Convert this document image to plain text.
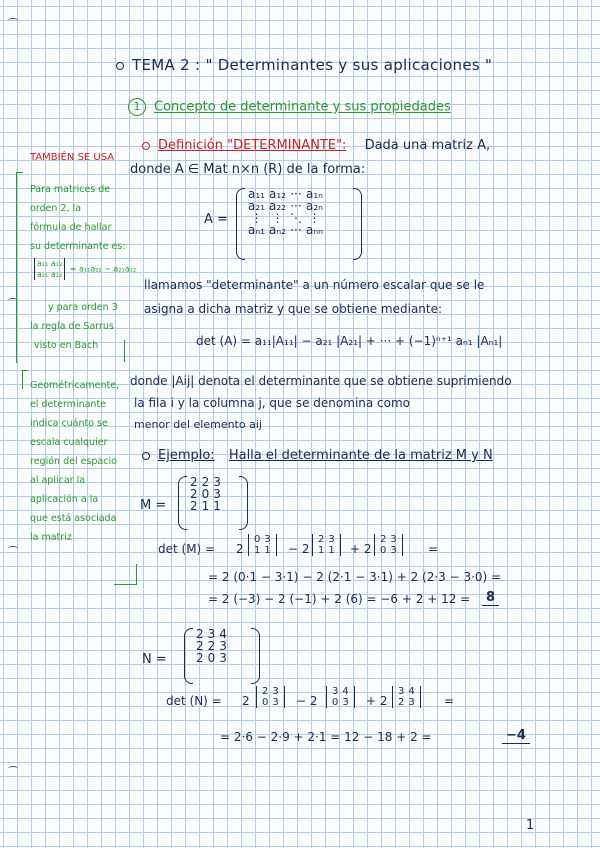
TEMA 2 : " Determinantes y sus aplicaciones "
1 Concepto de determinante y sus propiedades
Definición "DETERMINANTE": Dada una matriz A,
donde A ∈ Mat n×n (R) de la forma:
A =
a₁₁	a₁₂	···	a₁ₙ
a₂₁	a₂₂	···	a₂ₙ
⋮	⋮	⋱	⋮
aₙ₁	aₙ₂	···	aₙₙ
TAMBIÉN SE USA
Para matrices de
orden 2, la
fórmula de hallar
su determinante es:
a₁₁ a₁₂
a₂₁ a₂₂
= a₁₁a₂₂ − a₂₁a₁₂
y para orden 3
la regla de Sarrus
visto en Bach
llamamos "determinante" a un número escalar que se le
asigna a dicha matriz y que se obtiene mediante:
det (A) = a₁₁|A₁₁| − a₂₁ |A₂₁| + ··· + (−1)ⁿ⁺¹ aₙ₁ |Aₙ₁|
donde |Aij| denota el determinante que se obtiene suprimiendo
la fila i y la columna j, que se denomina como
menor del elemento aij
Geométricamente,
el determinante
indica cuánto se
escala cualquier
región del espacio
al aplicar la
aplicación a la
que está asociada
la matriz
Ejemplo: Halla el determinante de la matriz M y N
M =
2	2	3
2	0	3
2	1	1
det (M) = 2
0	3
1	1 − 2
2	3
1	1 + 2
2	3
0	3	=
= 2 (0·1 − 3·1) − 2 (2·1 − 3·1) + 2 (2·3 − 3·0) =
= 2 (−3) − 2 (−1) + 2 (6) = −6 + 2 + 12 =	8
N =
2	3	4
2	2	3
2	0	3
det (N) = 2
2	3
0	3 − 2
3	4
0	3 + 2
3	4
2	3 =
= 2·6 − 2·9 + 2·1 = 12 − 18 + 2 =	−4
1
